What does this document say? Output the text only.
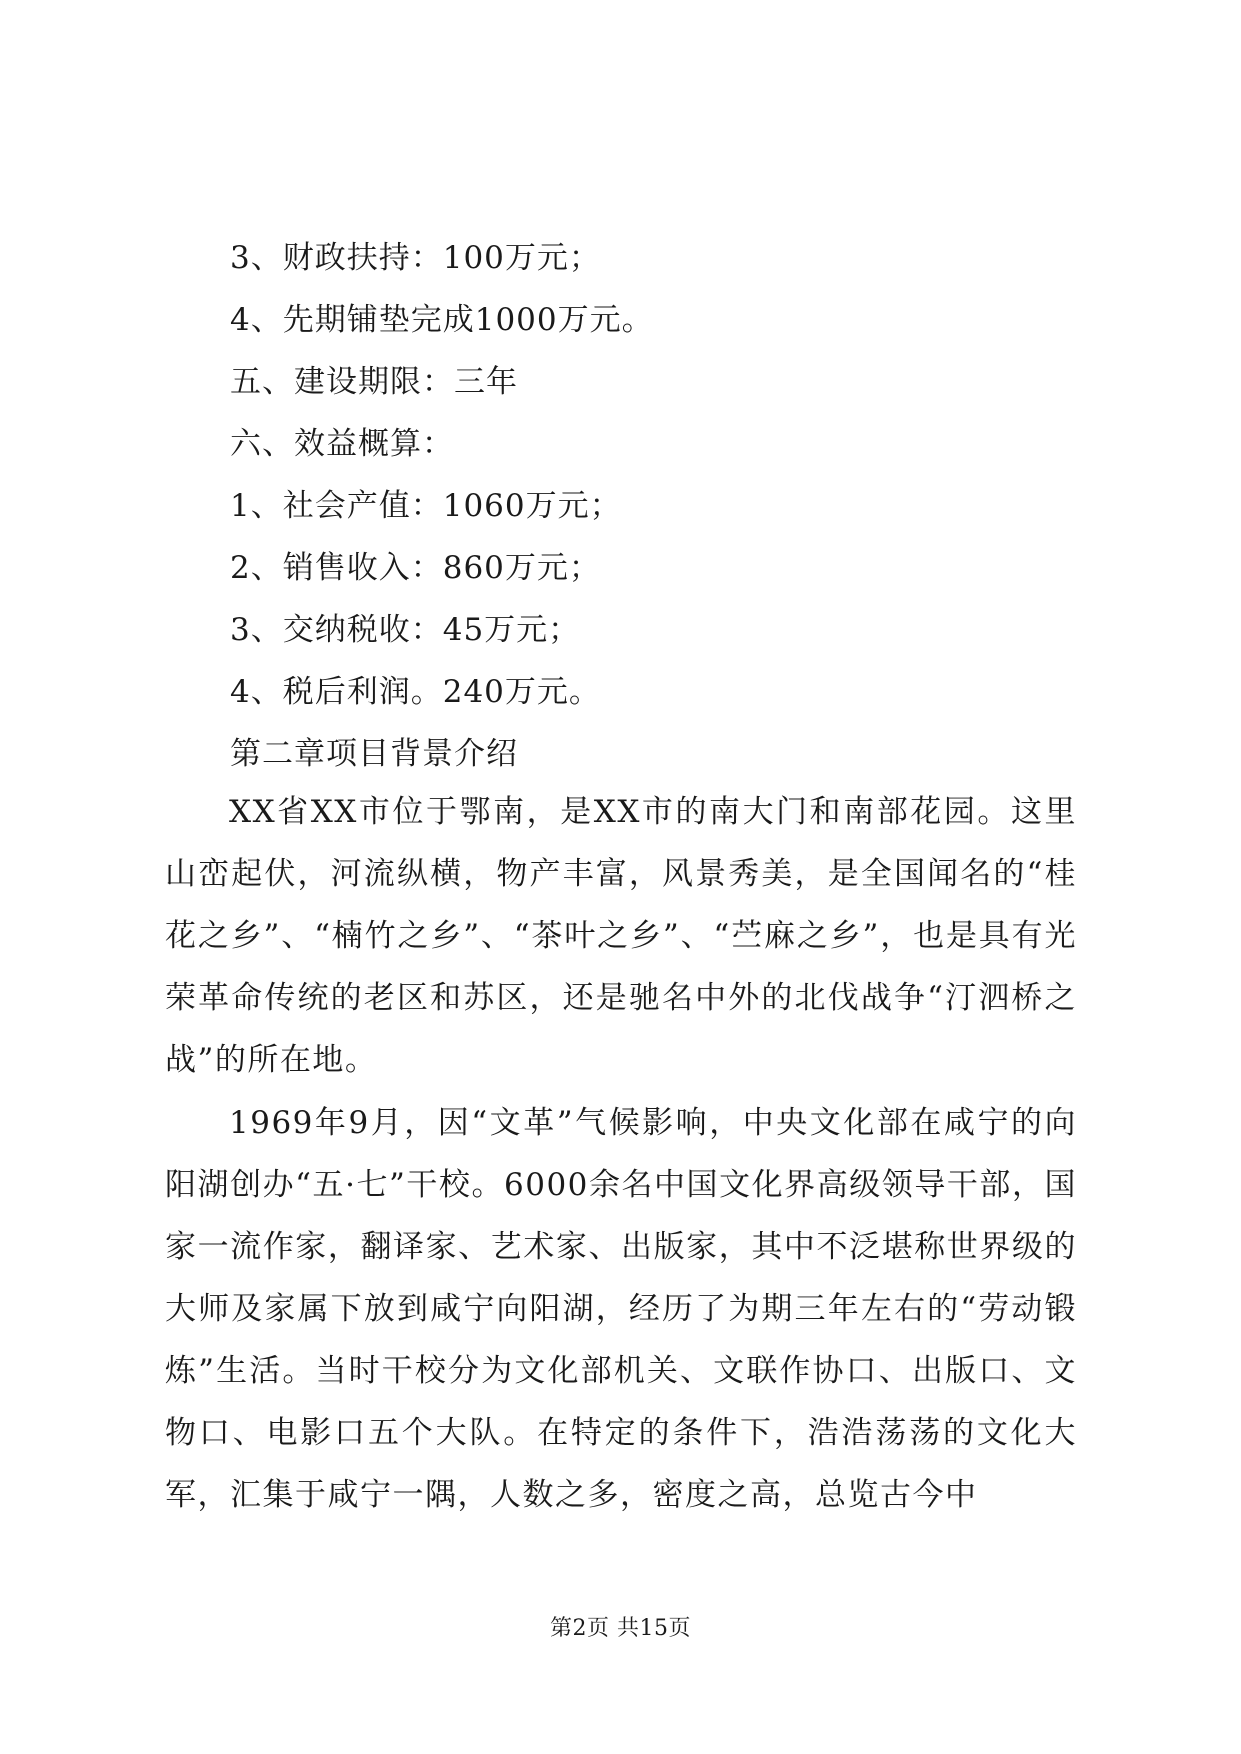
3、财政扶持：100万元；
4、先期铺垫完成1000万元。
五、建设期限：三年
六、效益概算：
1、社会产值：1060万元；
2、销售收入：860万元；
3、交纳税收：45万元；
4、税后利润。240万元。
第二章项目背景介绍

XX省XX市位于鄂南，是XX市的南大门和南部花园。这里山峦起伏，河流纵横，物产丰富，风景秀美，是全国闻名的“桂花之乡”、“楠竹之乡”、“茶叶之乡”、“苎麻之乡”，也是具有光荣革命传统的老区和苏区，还是驰名中外的北伐战争“汀泗桥之战”的所在地。

1969年9月，因“文革”气候影响，中央文化部在咸宁的向阳湖创办“五·七”干校。6000余名中国文化界高级领导干部，国家一流作家，翻译家、艺术家、出版家，其中不泛堪称世界级的大师及家属下放到咸宁向阳湖，经历了为期三年左右的“劳动锻炼”生活。当时干校分为文化部机关、文联作协口、出版口、文物口、电影口五个大队。在特定的条件下，浩浩荡荡的文化大军，汇集于咸宁一隅，人数之多，密度之高，总览古今中

第2页 共15页
